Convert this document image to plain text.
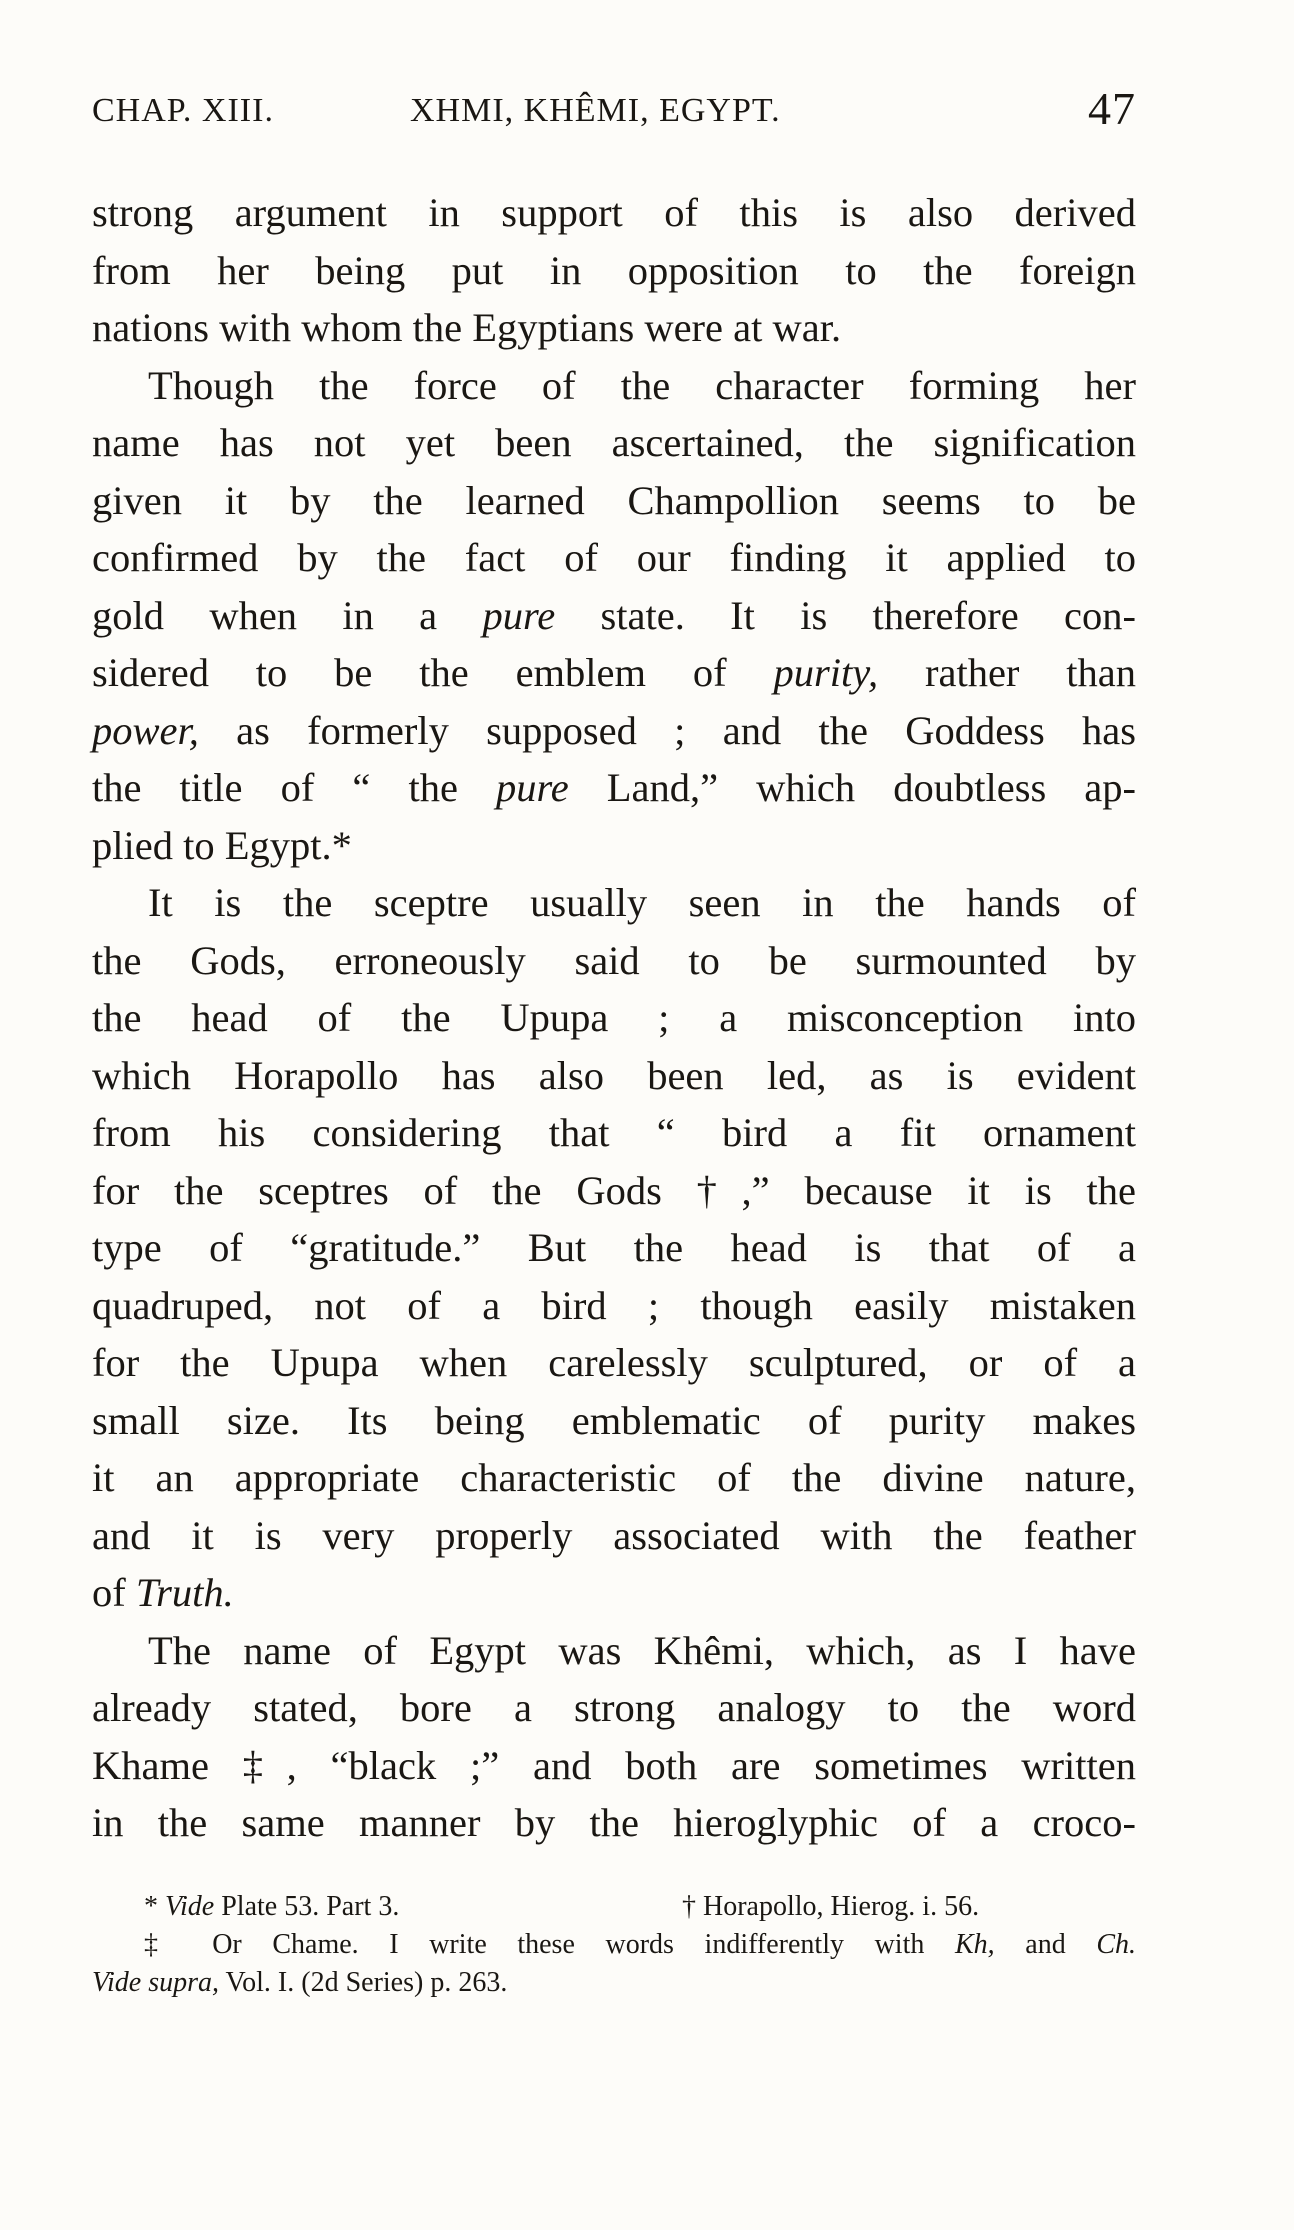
CHAP. XIII.	XHMI, KHÊMI, EGYPT.	47
strong argument in support of this is also derived
from her being put in opposition to the foreign
nations with whom the Egyptians were at war.
Though the force of the character forming her
name has not yet been ascertained, the signification
given it by the learned Champollion seems to be
confirmed by the fact of our finding it applied to
gold when in a pure state. It is therefore con-
sidered to be the emblem of purity, rather than
power, as formerly supposed ; and the Goddess has
the title of “ the pure Land,” which doubtless ap-
plied to Egypt.*
It is the sceptre usually seen in the hands of
the Gods, erroneously said to be surmounted by
the head of the Upupa ; a misconception into
which Horapollo has also been led, as is evident
from his considering that “ bird a fit ornament
for the sceptres of the Gods †,” because it is the
type of “gratitude.” But the head is that of a
quadruped, not of a bird ; though easily mistaken
for the Upupa when carelessly sculptured, or of a
small size. Its being emblematic of purity makes
it an appropriate characteristic of the divine nature,
and it is very properly associated with the feather
of Truth.
The name of Egypt was Khêmi, which, as I have
already stated, bore a strong analogy to the word
Khame ‡, “black ;” and both are sometimes written
in the same manner by the hieroglyphic of a croco-
* Vide Plate 53. Part 3.	† Horapollo, Hierog. i. 56.
‡ Or Chame. I write these words indifferently with Kh, and Ch.
Vide supra, Vol. I. (2d Series) p. 263.
